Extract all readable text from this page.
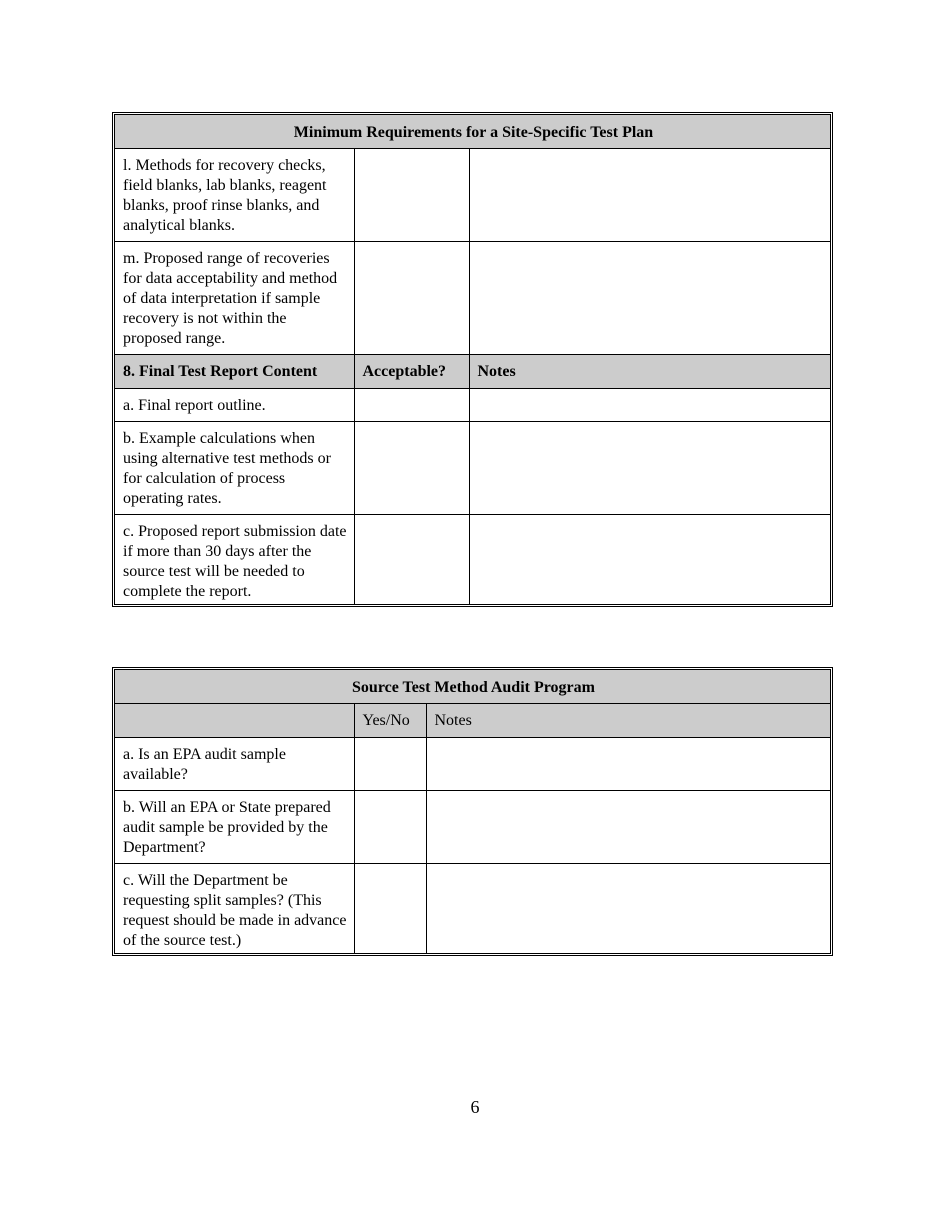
Minimum Requirements for a Site-Specific Test Plan		
l. Methods for recovery checks, field blanks, lab blanks, reagent blanks, proof rinse blanks, and analytical blanks.		
m. Proposed range of recoveries for data acceptability and method of data interpretation if sample recovery is not within the proposed range.		
8. Final Test Report Content	Acceptable?	Notes
a. Final report outline.		
b. Example calculations when using alternative test methods or for calculation of process operating rates.		
c. Proposed report submission date if more than 30 days after the source test will be needed to complete the report.		
Source Test Method Audit Program		
	Yes/No	Notes
a. Is an EPA audit sample available?		
b. Will an EPA or State prepared audit sample be provided by the Department?		
c. Will the Department be requesting split samples? (This request should be made in advance of the source test.)		
6
